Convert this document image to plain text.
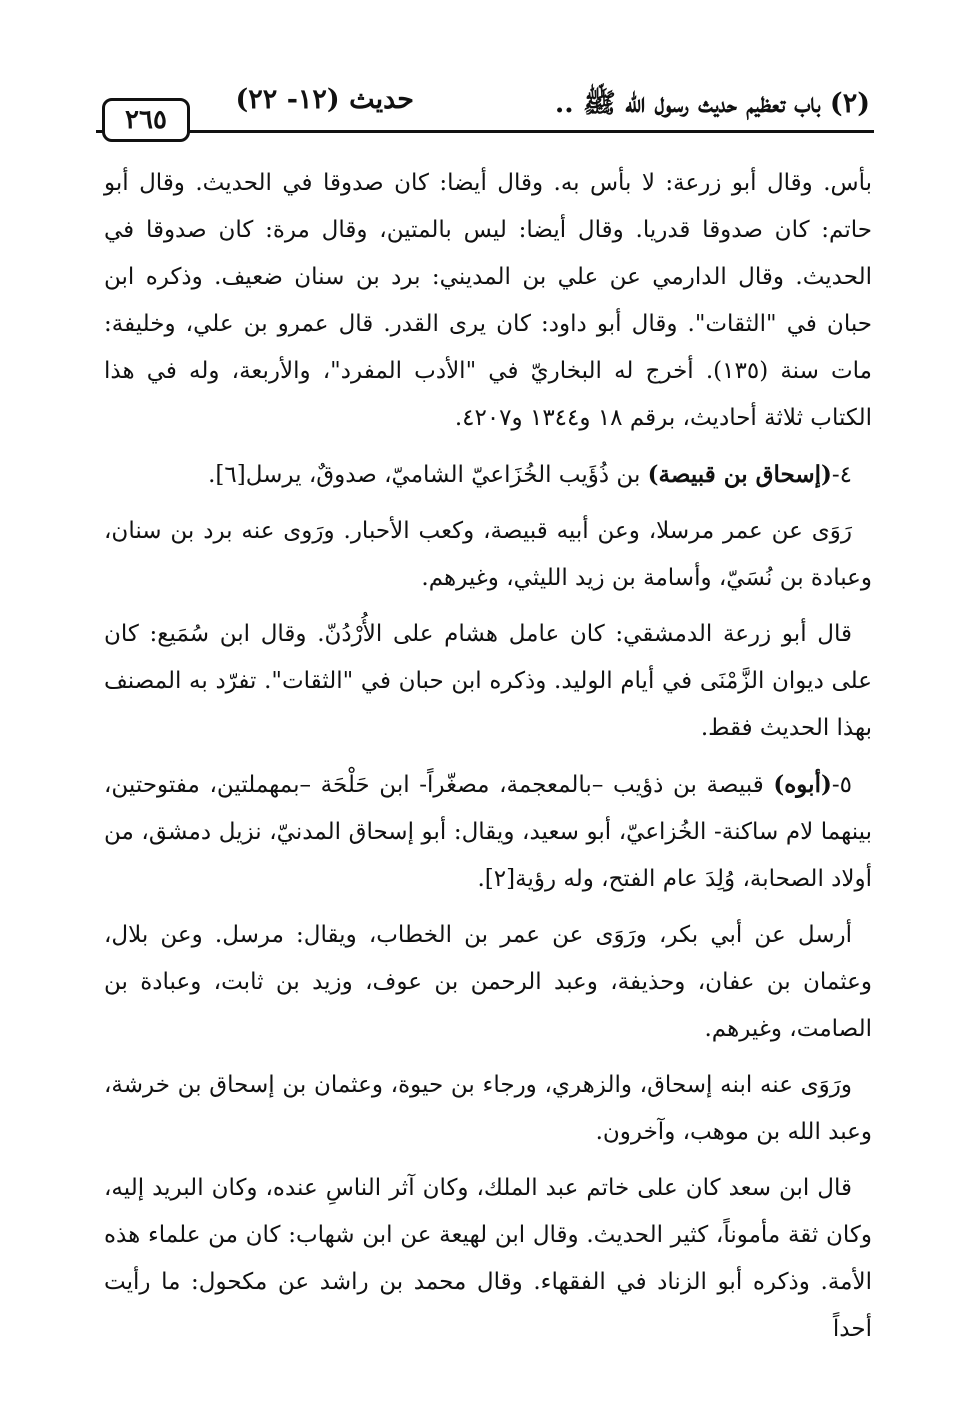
(٢) باب تعظيم حديث رسول الله ﷺ ..
حديث (١٢- ٢٢)
٢٦٥

بأس. وقال أبو زرعة: لا بأس به. وقال أيضا: كان صدوقا في الحديث. وقال أبو حاتم: كان صدوقا قدريا. وقال أيضا: ليس بالمتين، وقال مرة: كان صدوقا في الحديث. وقال الدارمي عن علي بن المديني: برد بن سنان ضعيف. وذكره ابن حبان في "الثقات". وقال أبو داود: كان يرى القدر. قال عمرو بن علي، وخليفة: مات سنة (١٣٥). أخرج له البخاريّ في "الأدب المفرد"، والأربعة، وله في هذا الكتاب ثلاثة أحاديث، برقم ١٨ و١٣٤٤ و٤٢٠٧.

٤-(إسحاق بن قبيصة) بن ذُؤَيب الخُزَاعيّ الشاميّ، صدوقٌ، يرسل[٦].

رَوَى عن عمر مرسلا، وعن أبيه قبيصة، وكعب الأحبار. ورَوى عنه برد بن سنان، وعبادة بن نُسَيّ، وأسامة بن زيد الليثي، وغيرهم.

قال أبو زرعة الدمشقي: كان عامل هشام على الأُرْدُنّ. وقال ابن سُمَيع: كان على ديوان الزَّمْنَى في أيام الوليد. وذكره ابن حبان في "الثقات". تفرّد به المصنف بهذا الحديث فقط.

٥-(أبوه) قبيصة بن ذؤيب –بالمعجمة، مصغّراً- ابن حَلْحَة –بمهملتين، مفتوحتين، بينهما لام ساكنة- الخُزاعيّ، أبو سعيد، ويقال: أبو إسحاق المدنيّ، نزيل دمشق، من أولاد الصحابة، وُلِدَ عام الفتح، وله رؤية[٢].

أرسل عن أبي بكر، ورَوَى عن عمر بن الخطاب، ويقال: مرسل. وعن بلال، وعثمان بن عفان، وحذيفة، وعبد الرحمن بن عوف، وزيد بن ثابت، وعبادة بن الصامت، وغيرهم.

ورَوَى عنه ابنه إسحاق، والزهري، ورجاء بن حيوة، وعثمان بن إسحاق بن خرشة، وعبد الله بن موهب، وآخرون.

قال ابن سعد كان على خاتم عبد الملك، وكان آثر الناسِ عنده، وكان البريد إليه، وكان ثقة مأموناً، كثير الحديث. وقال ابن لهيعة عن ابن شهاب: كان من علماء هذه الأمة. وذكره أبو الزناد في الفقهاء. وقال محمد بن راشد عن مكحول: ما رأيت أحداً
